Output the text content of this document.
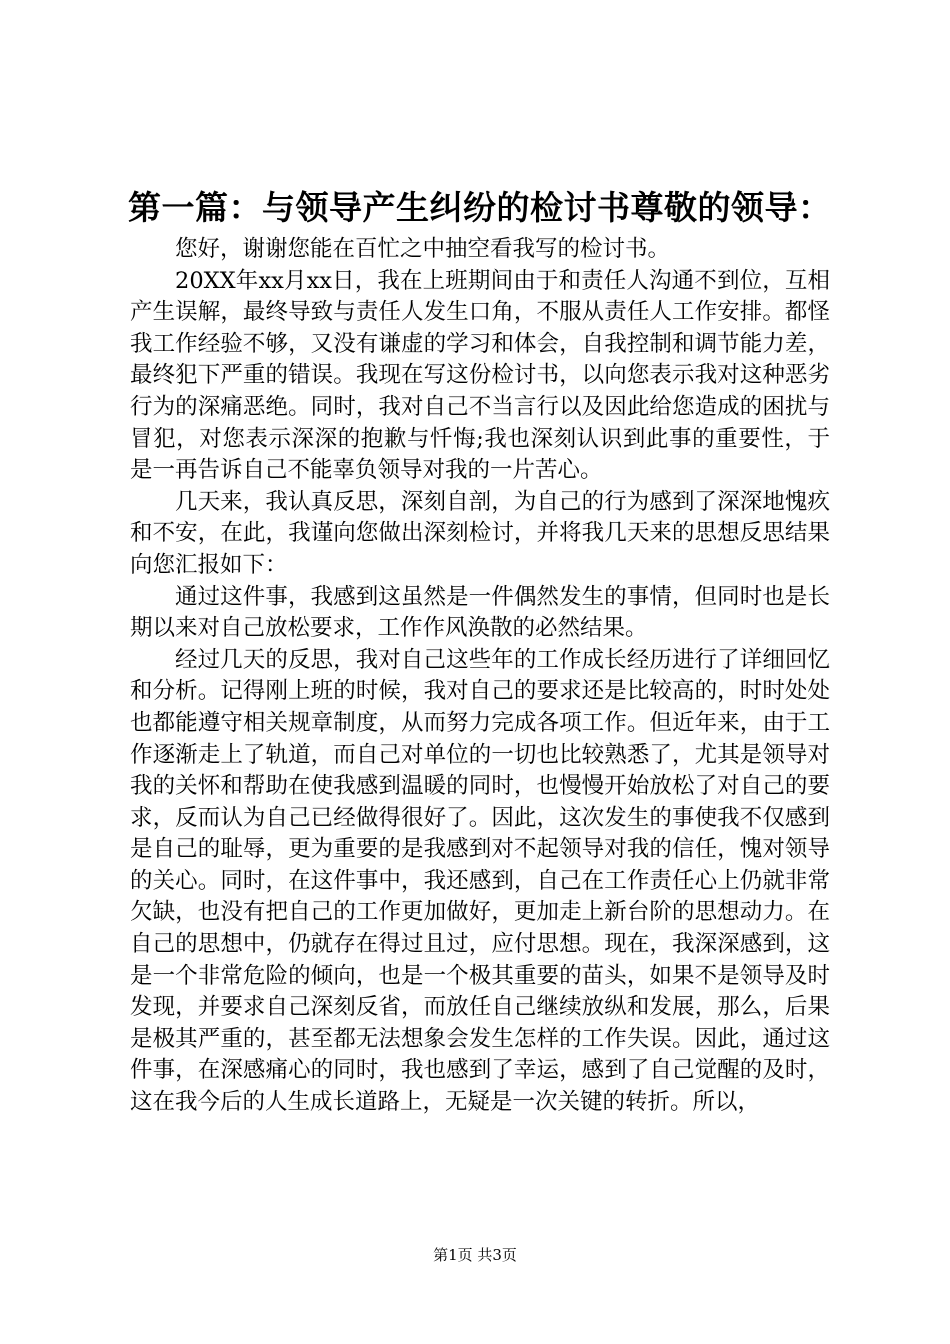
第一篇：与领导产生纠纷的检讨书尊敬的领导：

您好，谢谢您能在百忙之中抽空看我写的检讨书。

20XX年xx月xx日，我在上班期间由于和责任人沟通不到位，互相产生误解，最终导致与责任人发生口角，不服从责任人工作安排。都怪我工作经验不够，又没有谦虚的学习和体会，自我控制和调节能力差，最终犯下严重的错误。我现在写这份检讨书，以向您表示我对这种恶劣行为的深痛恶绝。同时，我对自己不当言行以及因此给您造成的困扰与冒犯，对您表示深深的抱歉与忏悔;我也深刻认识到此事的重要性，于是一再告诉自己不能辜负领导对我的一片苦心。

几天来，我认真反思，深刻自剖，为自己的行为感到了深深地愧疚和不安，在此，我谨向您做出深刻检讨，并将我几天来的思想反思结果向您汇报如下：

通过这件事，我感到这虽然是一件偶然发生的事情，但同时也是长期以来对自己放松要求，工作作风涣散的必然结果。

经过几天的反思，我对自己这些年的工作成长经历进行了详细回忆和分析。记得刚上班的时候，我对自己的要求还是比较高的，时时处处也都能遵守相关规章制度，从而努力完成各项工作。但近年来，由于工作逐渐走上了轨道，而自己对单位的一切也比较熟悉了，尤其是领导对我的关怀和帮助在使我感到温暖的同时，也慢慢开始放松了对自己的要求，反而认为自己已经做得很好了。因此，这次发生的事使我不仅感到是自己的耻辱，更为重要的是我感到对不起领导对我的信任，愧对领导的关心。同时，在这件事中，我还感到，自己在工作责任心上仍就非常欠缺，也没有把自己的工作更加做好，更加走上新台阶的思想动力。在自己的思想中，仍就存在得过且过，应付思想。现在，我深深感到，这是一个非常危险的倾向，也是一个极其重要的苗头，如果不是领导及时发现，并要求自己深刻反省，而放任自己继续放纵和发展，那么，后果是极其严重的，甚至都无法想象会发生怎样的工作失误。因此，通过这件事，在深感痛心的同时，我也感到了幸运，感到了自己觉醒的及时，这在我今后的人生成长道路上，无疑是一次关键的转折。所以，

第1页 共3页
